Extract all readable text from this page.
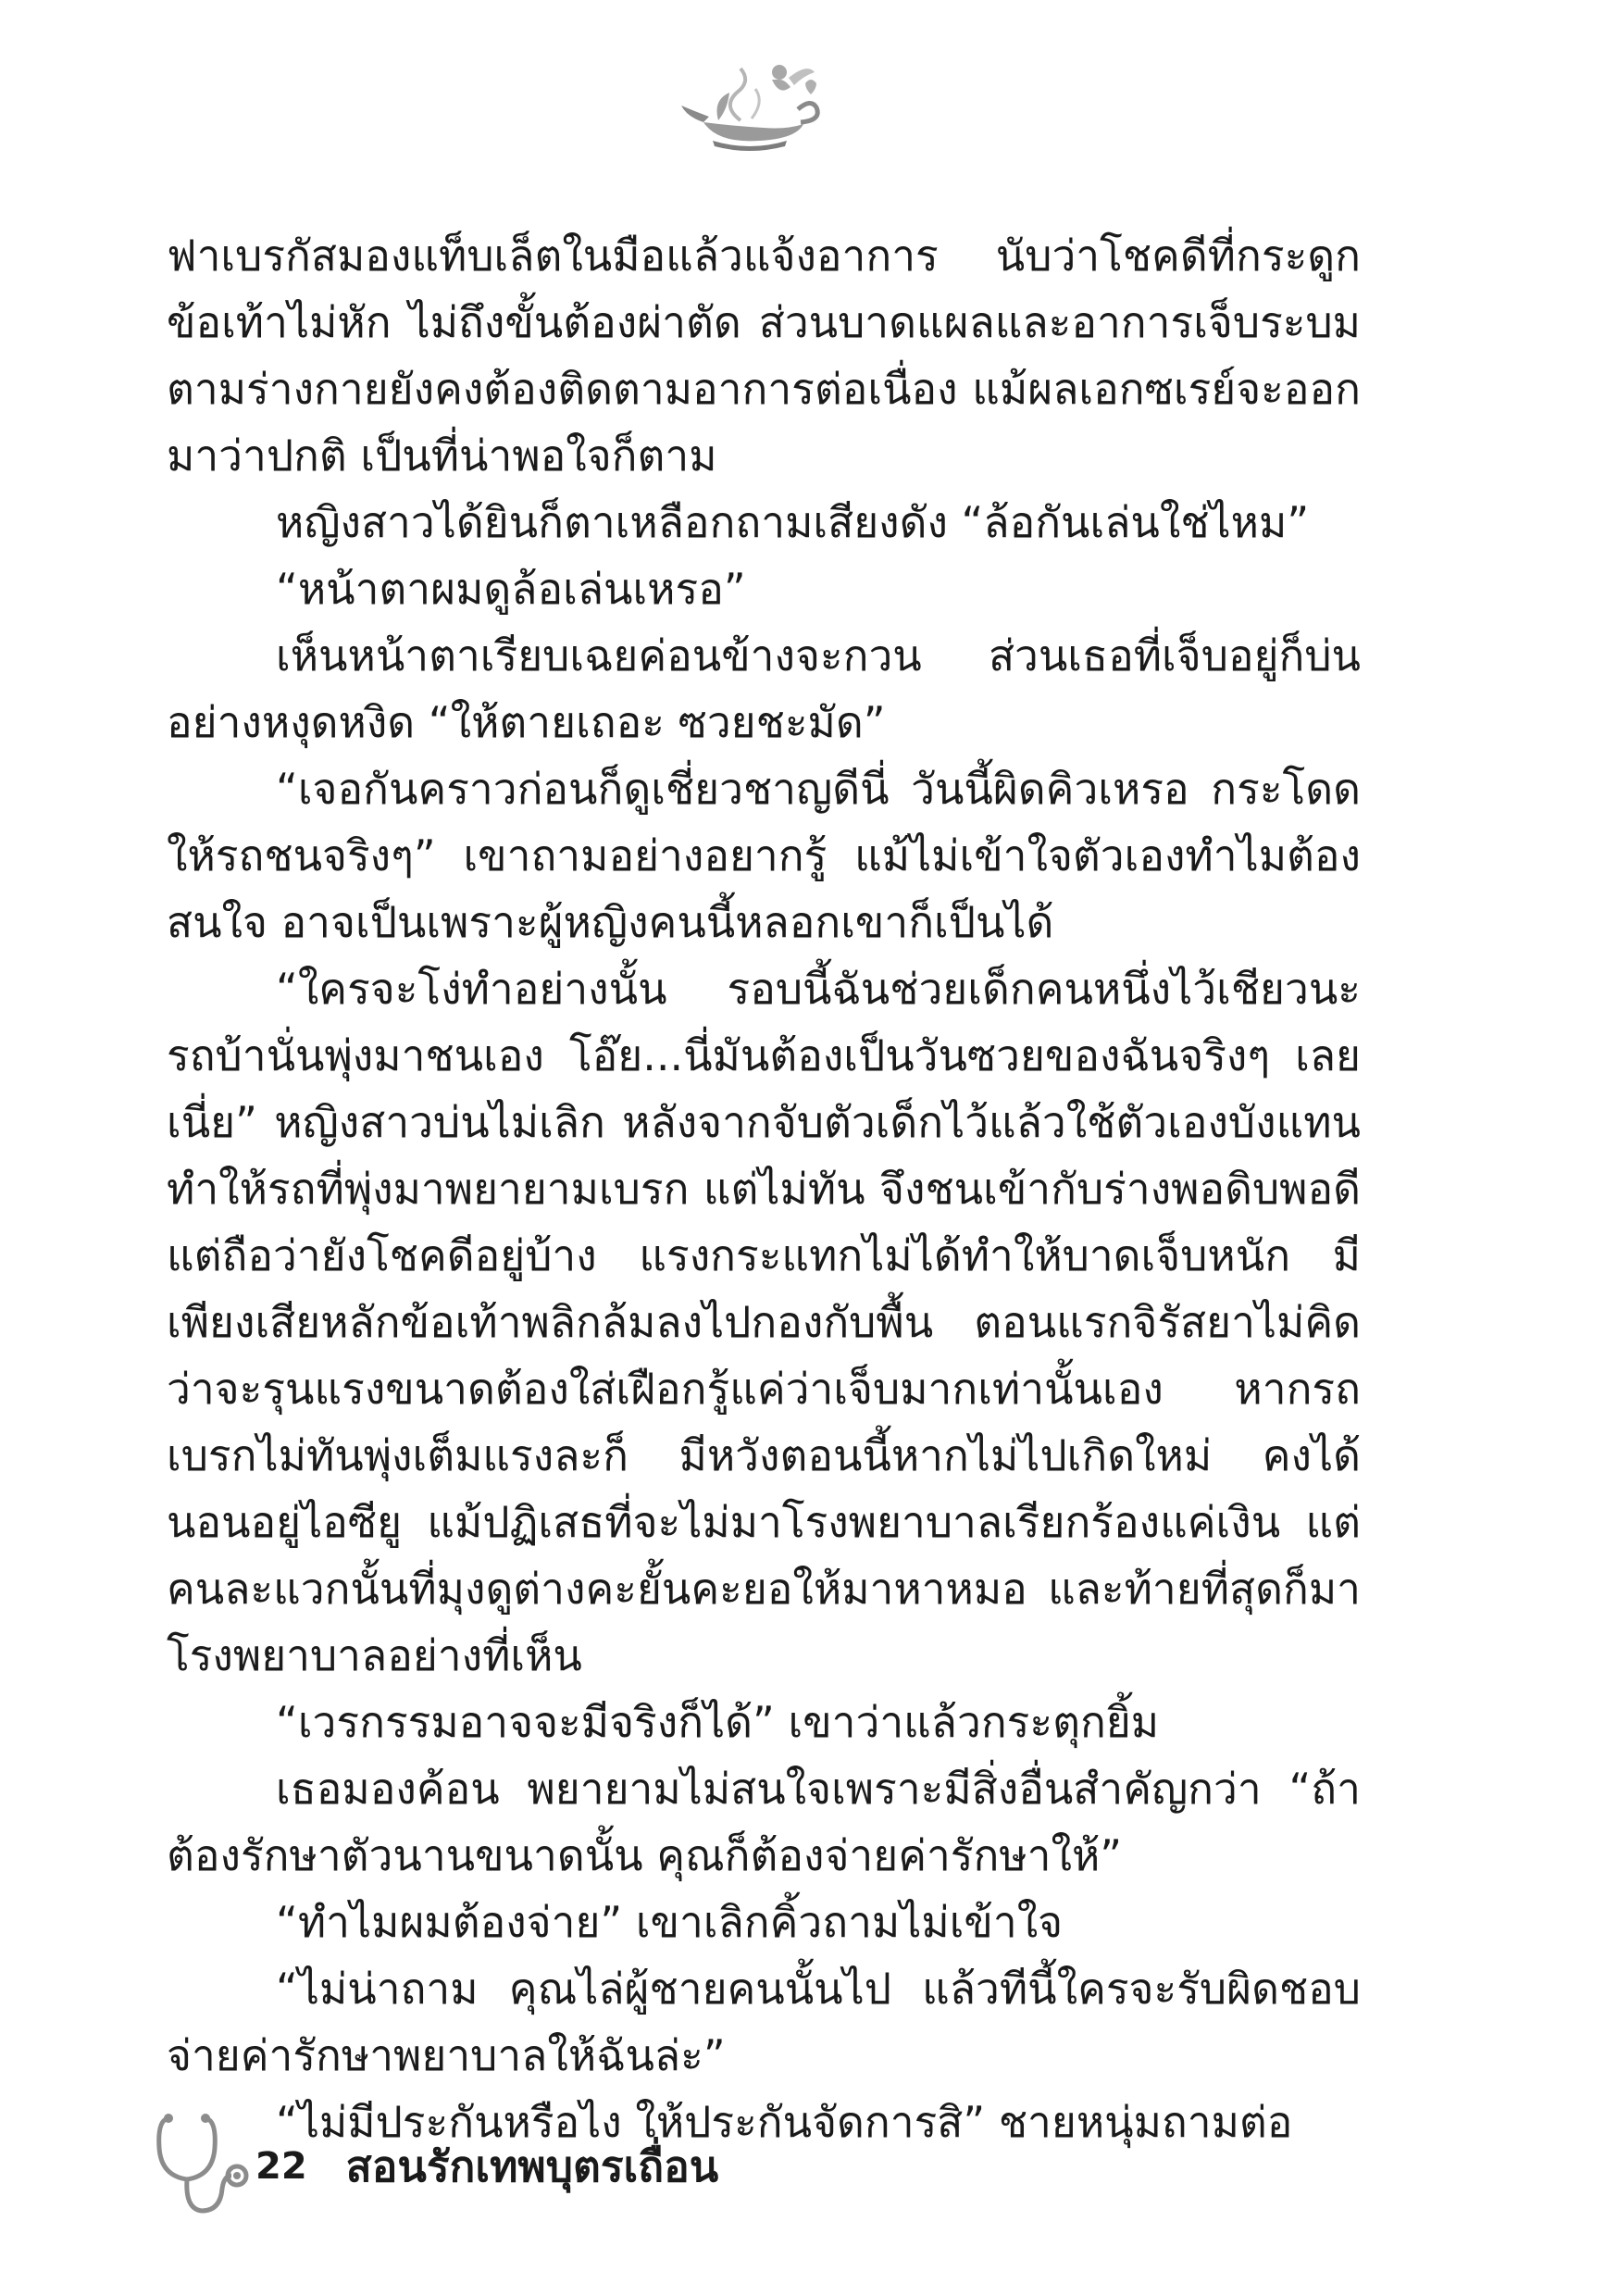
ฟาเบรกัสมองแท็บเล็ตในมือแล้วแจ้งอาการ นับว่าโชคดีที่กระดูกข้อเท้าไม่หัก ไม่ถึงขั้นต้องผ่าตัด ส่วนบาดแผลและอาการเจ็บระบมตามร่างกายยังคงต้องติดตามอาการต่อเนื่อง แม้ผลเอกซเรย์จะออกมาว่าปกติ เป็นที่น่าพอใจก็ตาม

หญิงสาวได้ยินก็ตาเหลือกถามเสียงดัง “ล้อกันเล่นใช่ไหม”

“หน้าตาผมดูล้อเล่นเหรอ”

เห็นหน้าตาเรียบเฉยค่อนข้างจะกวน ส่วนเธอที่เจ็บอยู่ก็บ่นอย่างหงุดหงิด “ให้ตายเถอะ ซวยชะมัด”

“เจอกันคราวก่อนก็ดูเชี่ยวชาญดีนี่ วันนี้ผิดคิวเหรอ กระโดดให้รถชนจริงๆ” เขาถามอย่างอยากรู้ แม้ไม่เข้าใจตัวเองทำไมต้องสนใจ อาจเป็นเพราะผู้หญิงคนนี้หลอกเขาก็เป็นได้

“ใครจะโง่ทำอย่างนั้น รอบนี้ฉันช่วยเด็กคนหนึ่งไว้เชียวนะ รถบ้านั่นพุ่งมาชนเอง โอ๊ย...นี่มันต้องเป็นวันซวยของฉันจริงๆ เลยเนี่ย” หญิงสาวบ่นไม่เลิก หลังจากจับตัวเด็กไว้แล้วใช้ตัวเองบังแทนทำให้รถที่พุ่งมาพยายามเบรก แต่ไม่ทัน จึงชนเข้ากับร่างพอดิบพอดี แต่ถือว่ายังโชคดีอยู่บ้าง แรงกระแทกไม่ได้ทำให้บาดเจ็บหนัก มีเพียงเสียหลักข้อเท้าพลิกล้มลงไปกองกับพื้น ตอนแรกจิรัสยาไม่คิดว่าจะรุนแรงขนาดต้องใส่เฝือกรู้แค่ว่าเจ็บมากเท่านั้นเอง หากรถเบรกไม่ทันพุ่งเต็มแรงละก็ มีหวังตอนนี้หากไม่ไปเกิดใหม่ คงได้นอนอยู่ไอซียู แม้ปฏิเสธที่จะไม่มาโรงพยาบาลเรียกร้องแค่เงิน แต่คนละแวกนั้นที่มุงดูต่างคะยั้นคะยอให้มาหาหมอ และท้ายที่สุดก็มาโรงพยาบาลอย่างที่เห็น

“เวรกรรมอาจจะมีจริงก็ได้” เขาว่าแล้วกระตุกยิ้ม

เธอมองค้อน พยายามไม่สนใจเพราะมีสิ่งอื่นสำคัญกว่า “ถ้าต้องรักษาตัวนานขนาดนั้น คุณก็ต้องจ่ายค่ารักษาให้”

“ทำไมผมต้องจ่าย” เขาเลิกคิ้วถามไม่เข้าใจ

“ไม่น่าถาม คุณไล่ผู้ชายคนนั้นไป แล้วทีนี้ใครจะรับผิดชอบจ่ายค่ารักษาพยาบาลให้ฉันล่ะ”

“ไม่มีประกันหรือไง ให้ประกันจัดการสิ” ชายหนุ่มถามต่อ

22 สอนรักเทพบุตรเถื่อน
